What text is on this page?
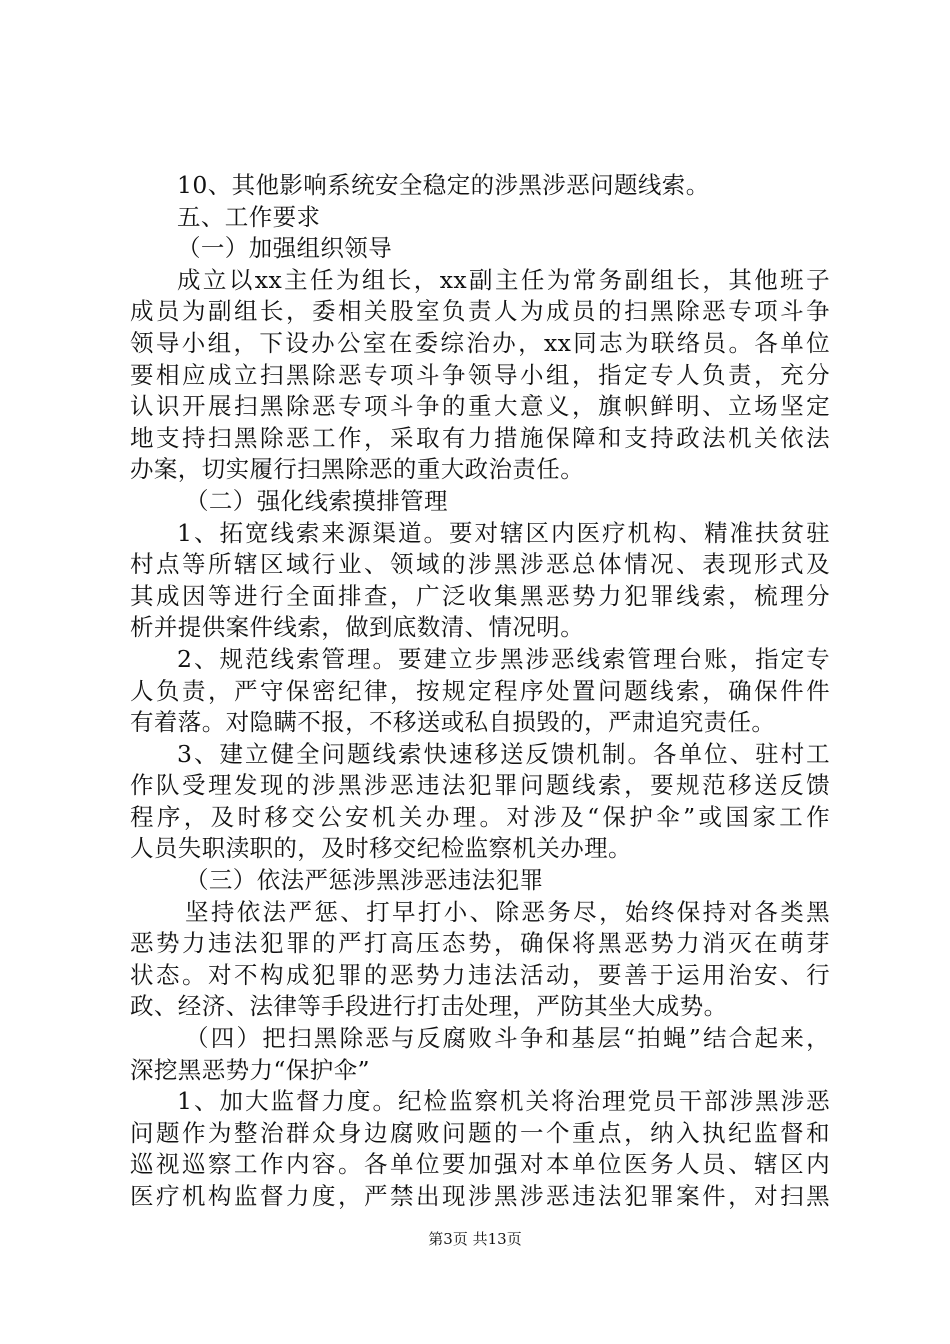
10、其他影响系统安全稳定的涉黑涉恶问题线索。
五、工作要求
（一）加强组织领导
成立以xx主任为组长，xx副主任为常务副组长，其他班子
成员为副组长，委相关股室负责人为成员的扫黑除恶专项斗争
领导小组，下设办公室在委综治办，xx同志为联络员。各单位
要相应成立扫黑除恶专项斗争领导小组，指定专人负责，充分
认识开展扫黑除恶专项斗争的重大意义，旗帜鲜明、立场坚定
地支持扫黑除恶工作，采取有力措施保障和支持政法机关依法
办案，切实履行扫黑除恶的重大政治责任。
（二）强化线索摸排管理
1、拓宽线索来源渠道。要对辖区内医疗机构、精准扶贫驻
村点等所辖区域行业、领域的涉黑涉恶总体情况、表现形式及
其成因等进行全面排查，广泛收集黑恶势力犯罪线索，梳理分
析并提供案件线索，做到底数清、情况明。
2、规范线索管理。要建立步黑涉恶线索管理台账，指定专
人负责，严守保密纪律，按规定程序处置问题线索，确保件件
有着落。对隐瞒不报，不移送或私自损毁的，严肃追究责任。
3、建立健全问题线索快速移送反馈机制。各单位、驻村工
作队受理发现的涉黑涉恶违法犯罪问题线索，要规范移送反馈
程序，及时移交公安机关办理。对涉及“保护伞”或国家工作
人员失职渎职的，及时移交纪检监察机关办理。
（三）依法严惩涉黑涉恶违法犯罪
坚持依法严惩、打早打小、除恶务尽，始终保持对各类黑
恶势力违法犯罪的严打高压态势，确保将黑恶势力消灭在萌芽
状态。对不构成犯罪的恶势力违法活动，要善于运用治安、行
政、经济、法律等手段进行打击处理，严防其坐大成势。
（四）把扫黑除恶与反腐败斗争和基层“拍蝇”结合起来，
深挖黑恶势力“保护伞”
1、加大监督力度。纪检监察机关将治理党员干部涉黑涉恶
问题作为整治群众身边腐败问题的一个重点，纳入执纪监督和
巡视巡察工作内容。各单位要加强对本单位医务人员、辖区内
医疗机构监督力度，严禁出现涉黑涉恶违法犯罪案件，对扫黑
第3页 共13页
